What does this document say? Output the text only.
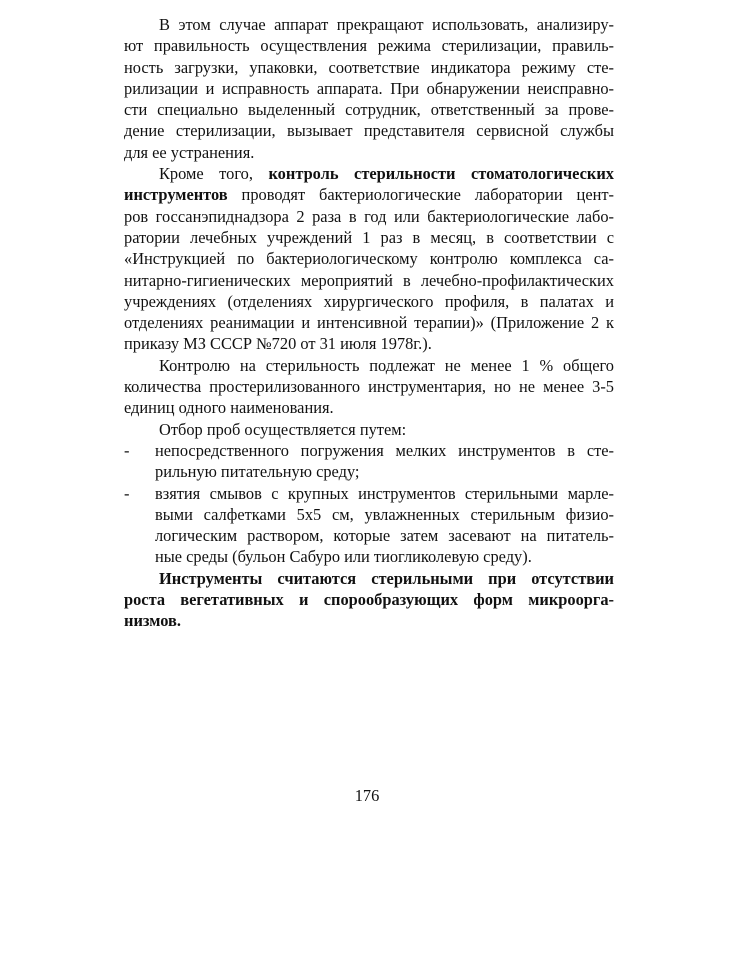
В этом случае аппарат прекращают использовать, анализиру-
ют правильность осуществления режима стерилизации, правиль-
ность загрузки, упаковки, соответствие индикатора режиму сте-
рилизации и исправность аппарата. При обнаружении неисправно-
сти специально выделенный сотрудник, ответственный за прове-
дение стерилизации, вызывает представителя сервисной службы
для ее устранения.
Кроме того, контроль стерильности стоматологических
инструментов проводят бактериологические лаборатории цент-
ров госсанэпиднадзора 2 раза в год или бактериологические лабо-
ратории лечебных учреждений 1 раз в месяц, в соответствии с
«Инструкцией по бактериологическому контролю комплекса са-
нитарно-гигиенических мероприятий в лечебно-профилактических
учреждениях (отделениях хирургического профиля, в палатах и
отделениях реанимации и интенсивной терапии)» (Приложение 2 к
приказу МЗ СССР №720 от 31 июля 1978г.).
Контролю на стерильность подлежат не менее 1 % общего
количества простерилизованного инструментария, но не менее 3-5
единиц одного наименования.
Отбор проб осуществляется путем:
- непосредственного погружения мелких инструментов в сте-
рильную питательную среду;
- взятия смывов с крупных инструментов стерильными марле-
выми салфетками 5х5 см, увлажненных стерильным физио-
логическим раствором, которые затем засевают на питатель-
ные среды (бульон Сабуро или тиогликолевую среду).
Инструменты считаются стерильными при отсутствии
роста вегетативных и спорообразующих форм микроорга-
низмов.
176
